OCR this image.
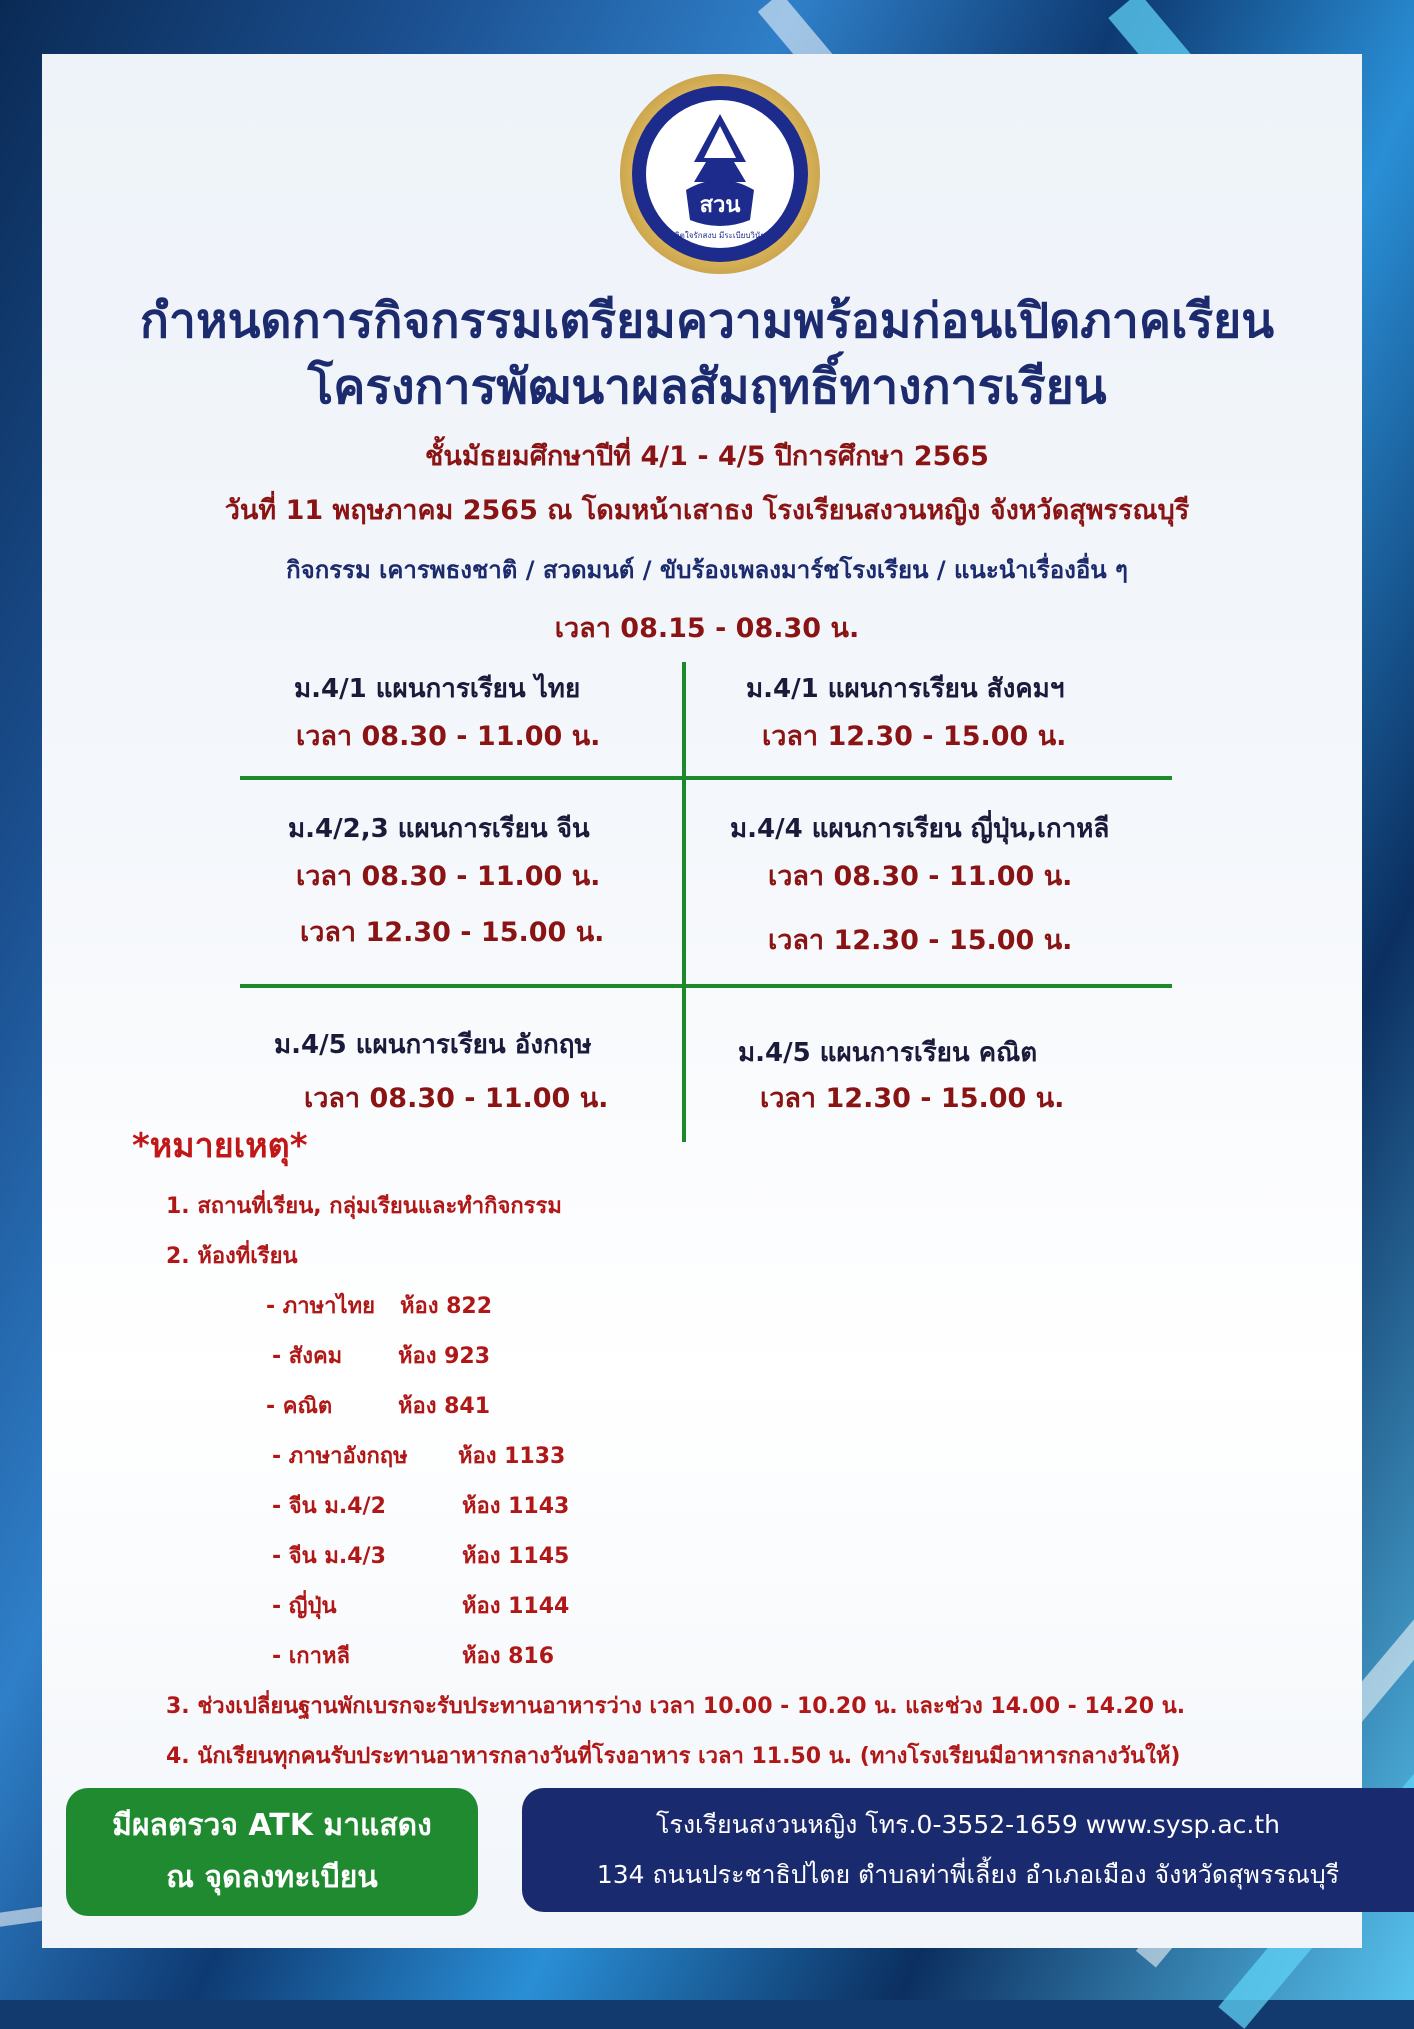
สวน
จิตใจรักสงบ มีระเบียบวินัย
กำหนดการกิจกรรมเตรียมความพร้อมก่อนเปิดภาคเรียน
โครงการพัฒนาผลสัมฤทธิ์ทางการเรียน
ชั้นมัธยมศึกษาปีที่ 4/1 - 4/5 ปีการศึกษา 2565
วันที่ 11 พฤษภาคม 2565 ณ โดมหน้าเสาธง โรงเรียนสงวนหญิง จังหวัดสุพรรณบุรี
กิจกรรม เคารพธงชาติ / สวดมนต์ / ขับร้องเพลงมาร์ชโรงเรียน / แนะนำเรื่องอื่น ๆ
เวลา 08.15 - 08.30 น.
ม.4/1 แผนการเรียน ไทย
เวลา 08.30 - 11.00 น.
ม.4/1 แผนการเรียน สังคมฯ
เวลา 12.30 - 15.00 น.
ม.4/2,3 แผนการเรียน จีน
เวลา 08.30 - 11.00 น.
เวลา 12.30 - 15.00 น.
ม.4/4 แผนการเรียน ญี่ปุ่น,เกาหลี
เวลา 08.30 - 11.00 น.
เวลา 12.30 - 15.00 น.
ม.4/5 แผนการเรียน อังกฤษ
เวลา 08.30 - 11.00 น.
ม.4/5 แผนการเรียน คณิต
เวลา 12.30 - 15.00 น.
*หมายเหตุ*
1. สถานที่เรียน, กลุ่มเรียนและทำกิจกรรม
2. ห้องที่เรียน
- ภาษาไทย ห้อง 822
- สังคม	ห้อง 923
- คณิต	ห้อง 841
- ภาษาอังกฤษ ห้อง 1133
- จีน ม.4/2	ห้อง 1143
- จีน ม.4/3	ห้อง 1145
- ญี่ปุ่น	ห้อง 1144
- เกาหลี	ห้อง 816
3. ช่วงเปลี่ยนฐานพักเบรกจะรับประทานอาหารว่าง เวลา 10.00 - 10.20 น. และช่วง 14.00 - 14.20 น.
4. นักเรียนทุกคนรับประทานอาหารกลางวันที่โรงอาหาร เวลา 11.50 น. (ทางโรงเรียนมีอาหารกลางวันให้)
มีผลตรวจ ATK มาแสดง
ณ จุดลงทะเบียน
โรงเรียนสงวนหญิง โทร.0-3552-1659 www.sysp.ac.th
134 ถนนประชาธิปไตย ตำบลท่าพี่เลี้ยง อำเภอเมือง จังหวัดสุพรรณบุรี
